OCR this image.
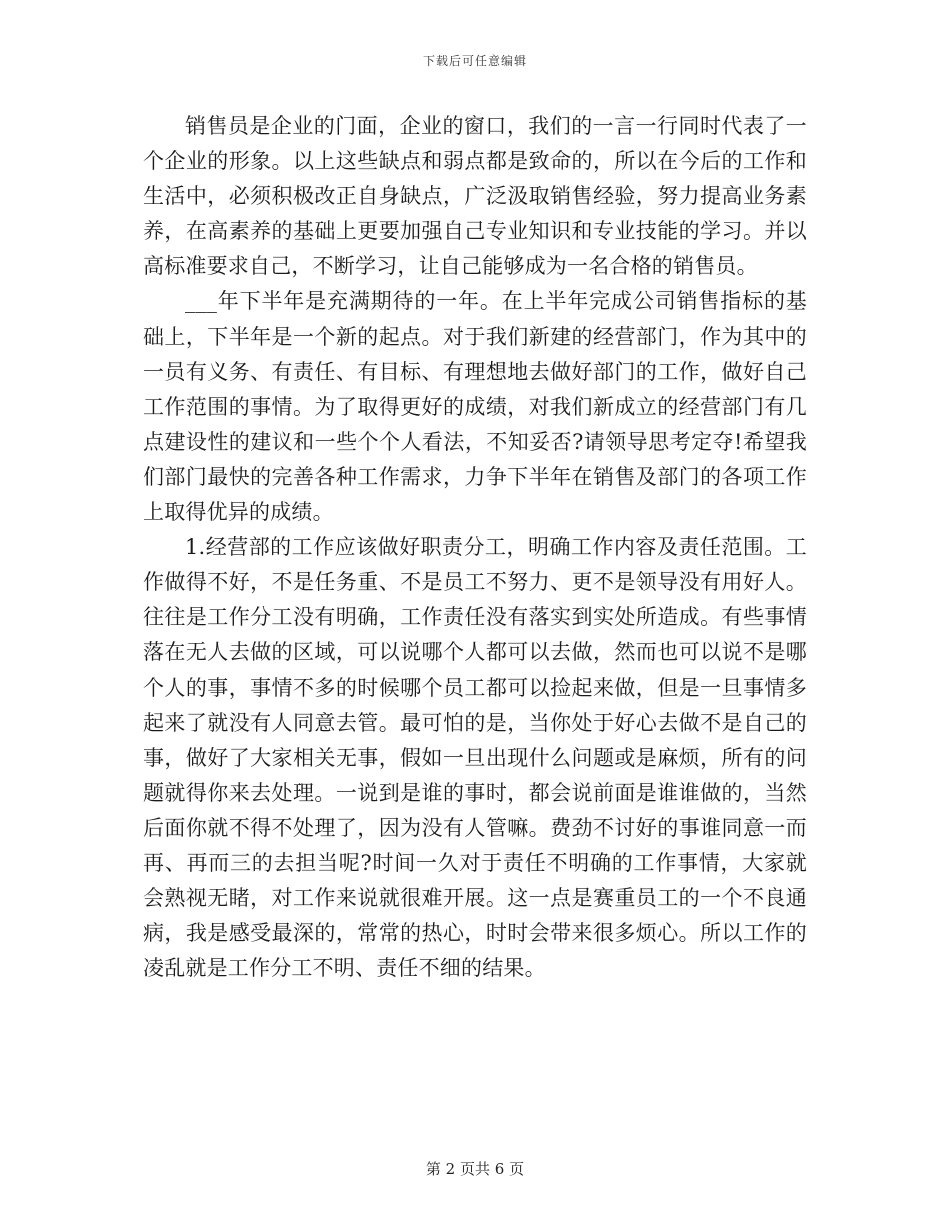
下载后可任意编辑

销售员是企业的门面，企业的窗口，我们的一言一行同时代表了一个企业的形象。以上这些缺点和弱点都是致命的，所以在今后的工作和生活中，必须积极改正自身缺点，广泛汲取销售经验，努力提高业务素养，在高素养的基础上更要加强自己专业知识和专业技能的学习。并以高标准要求自己，不断学习，让自己能够成为一名合格的销售员。

___年下半年是充满期待的一年。在上半年完成公司销售指标的基础上，下半年是一个新的起点。对于我们新建的经营部门，作为其中的一员有义务、有责任、有目标、有理想地去做好部门的工作，做好自己工作范围的事情。为了取得更好的成绩，对我们新成立的经营部门有几点建设性的建议和一些个个人看法，不知妥否?请领导思考定夺!希望我们部门最快的完善各种工作需求，力争下半年在销售及部门的各项工作上取得优异的成绩。

1.经营部的工作应该做好职责分工，明确工作内容及责任范围。工作做得不好，不是任务重、不是员工不努力、更不是领导没有用好人。往往是工作分工没有明确，工作责任没有落实到实处所造成。有些事情落在无人去做的区域，可以说哪个人都可以去做，然而也可以说不是哪个人的事，事情不多的时候哪个员工都可以捡起来做，但是一旦事情多起来了就没有人同意去管。最可怕的是，当你处于好心去做不是自己的事，做好了大家相关无事，假如一旦出现什么问题或是麻烦，所有的问题就得你来去处理。一说到是谁的事时，都会说前面是谁谁做的，当然后面你就不得不处理了，因为没有人管嘛。费劲不讨好的事谁同意一而再、再而三的去担当呢?时间一久对于责任不明确的工作事情，大家就会熟视无睹，对工作来说就很难开展。这一点是赛重员工的一个不良通病，我是感受最深的，常常的热心，时时会带来很多烦心。所以工作的凌乱就是工作分工不明、责任不细的结果。

第 2 页共 6 页
